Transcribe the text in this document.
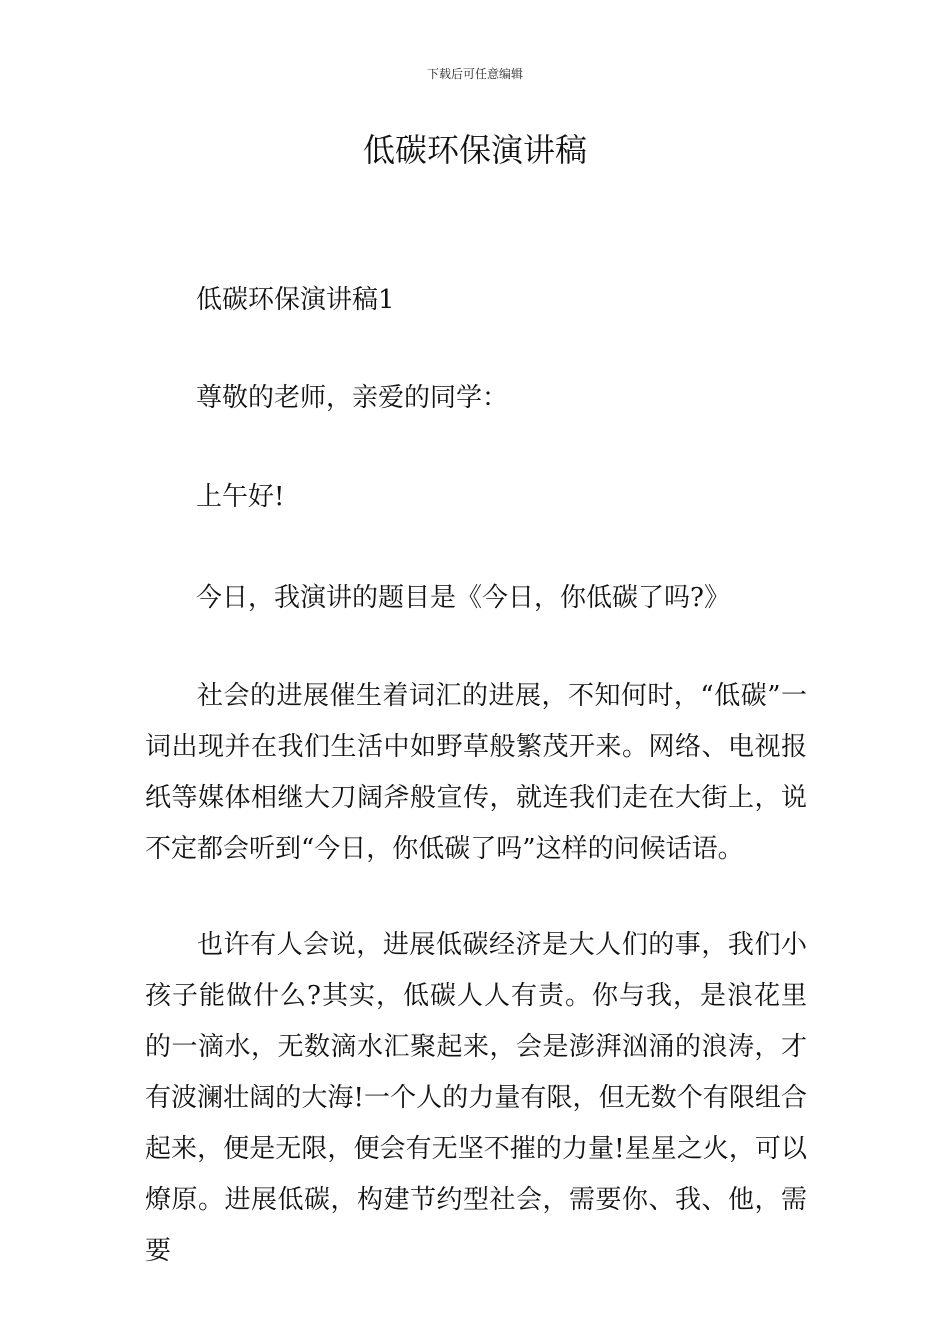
下载后可任意编辑
低碳环保演讲稿
低碳环保演讲稿1
尊敬的老师，亲爱的同学：
上午好!
今日，我演讲的题目是《今日，你低碳了吗?》
社会的进展催生着词汇的进展，不知何时，“低碳”一词出现并在我们生活中如野草般繁茂开来。网络、电视报纸等媒体相继大刀阔斧般宣传，就连我们走在大街上，说不定都会听到“今日，你低碳了吗”这样的问候话语。
也许有人会说，进展低碳经济是大人们的事，我们小孩子能做什么?其实，低碳人人有责。你与我，是浪花里的一滴水，无数滴水汇聚起来，会是澎湃汹涌的浪涛，才有波澜壮阔的大海!一个人的力量有限，但无数个有限组合起来，便是无限，便会有无坚不摧的力量!星星之火，可以燎原。进展低碳，构建节约型社会，需要你、我、他，需要
